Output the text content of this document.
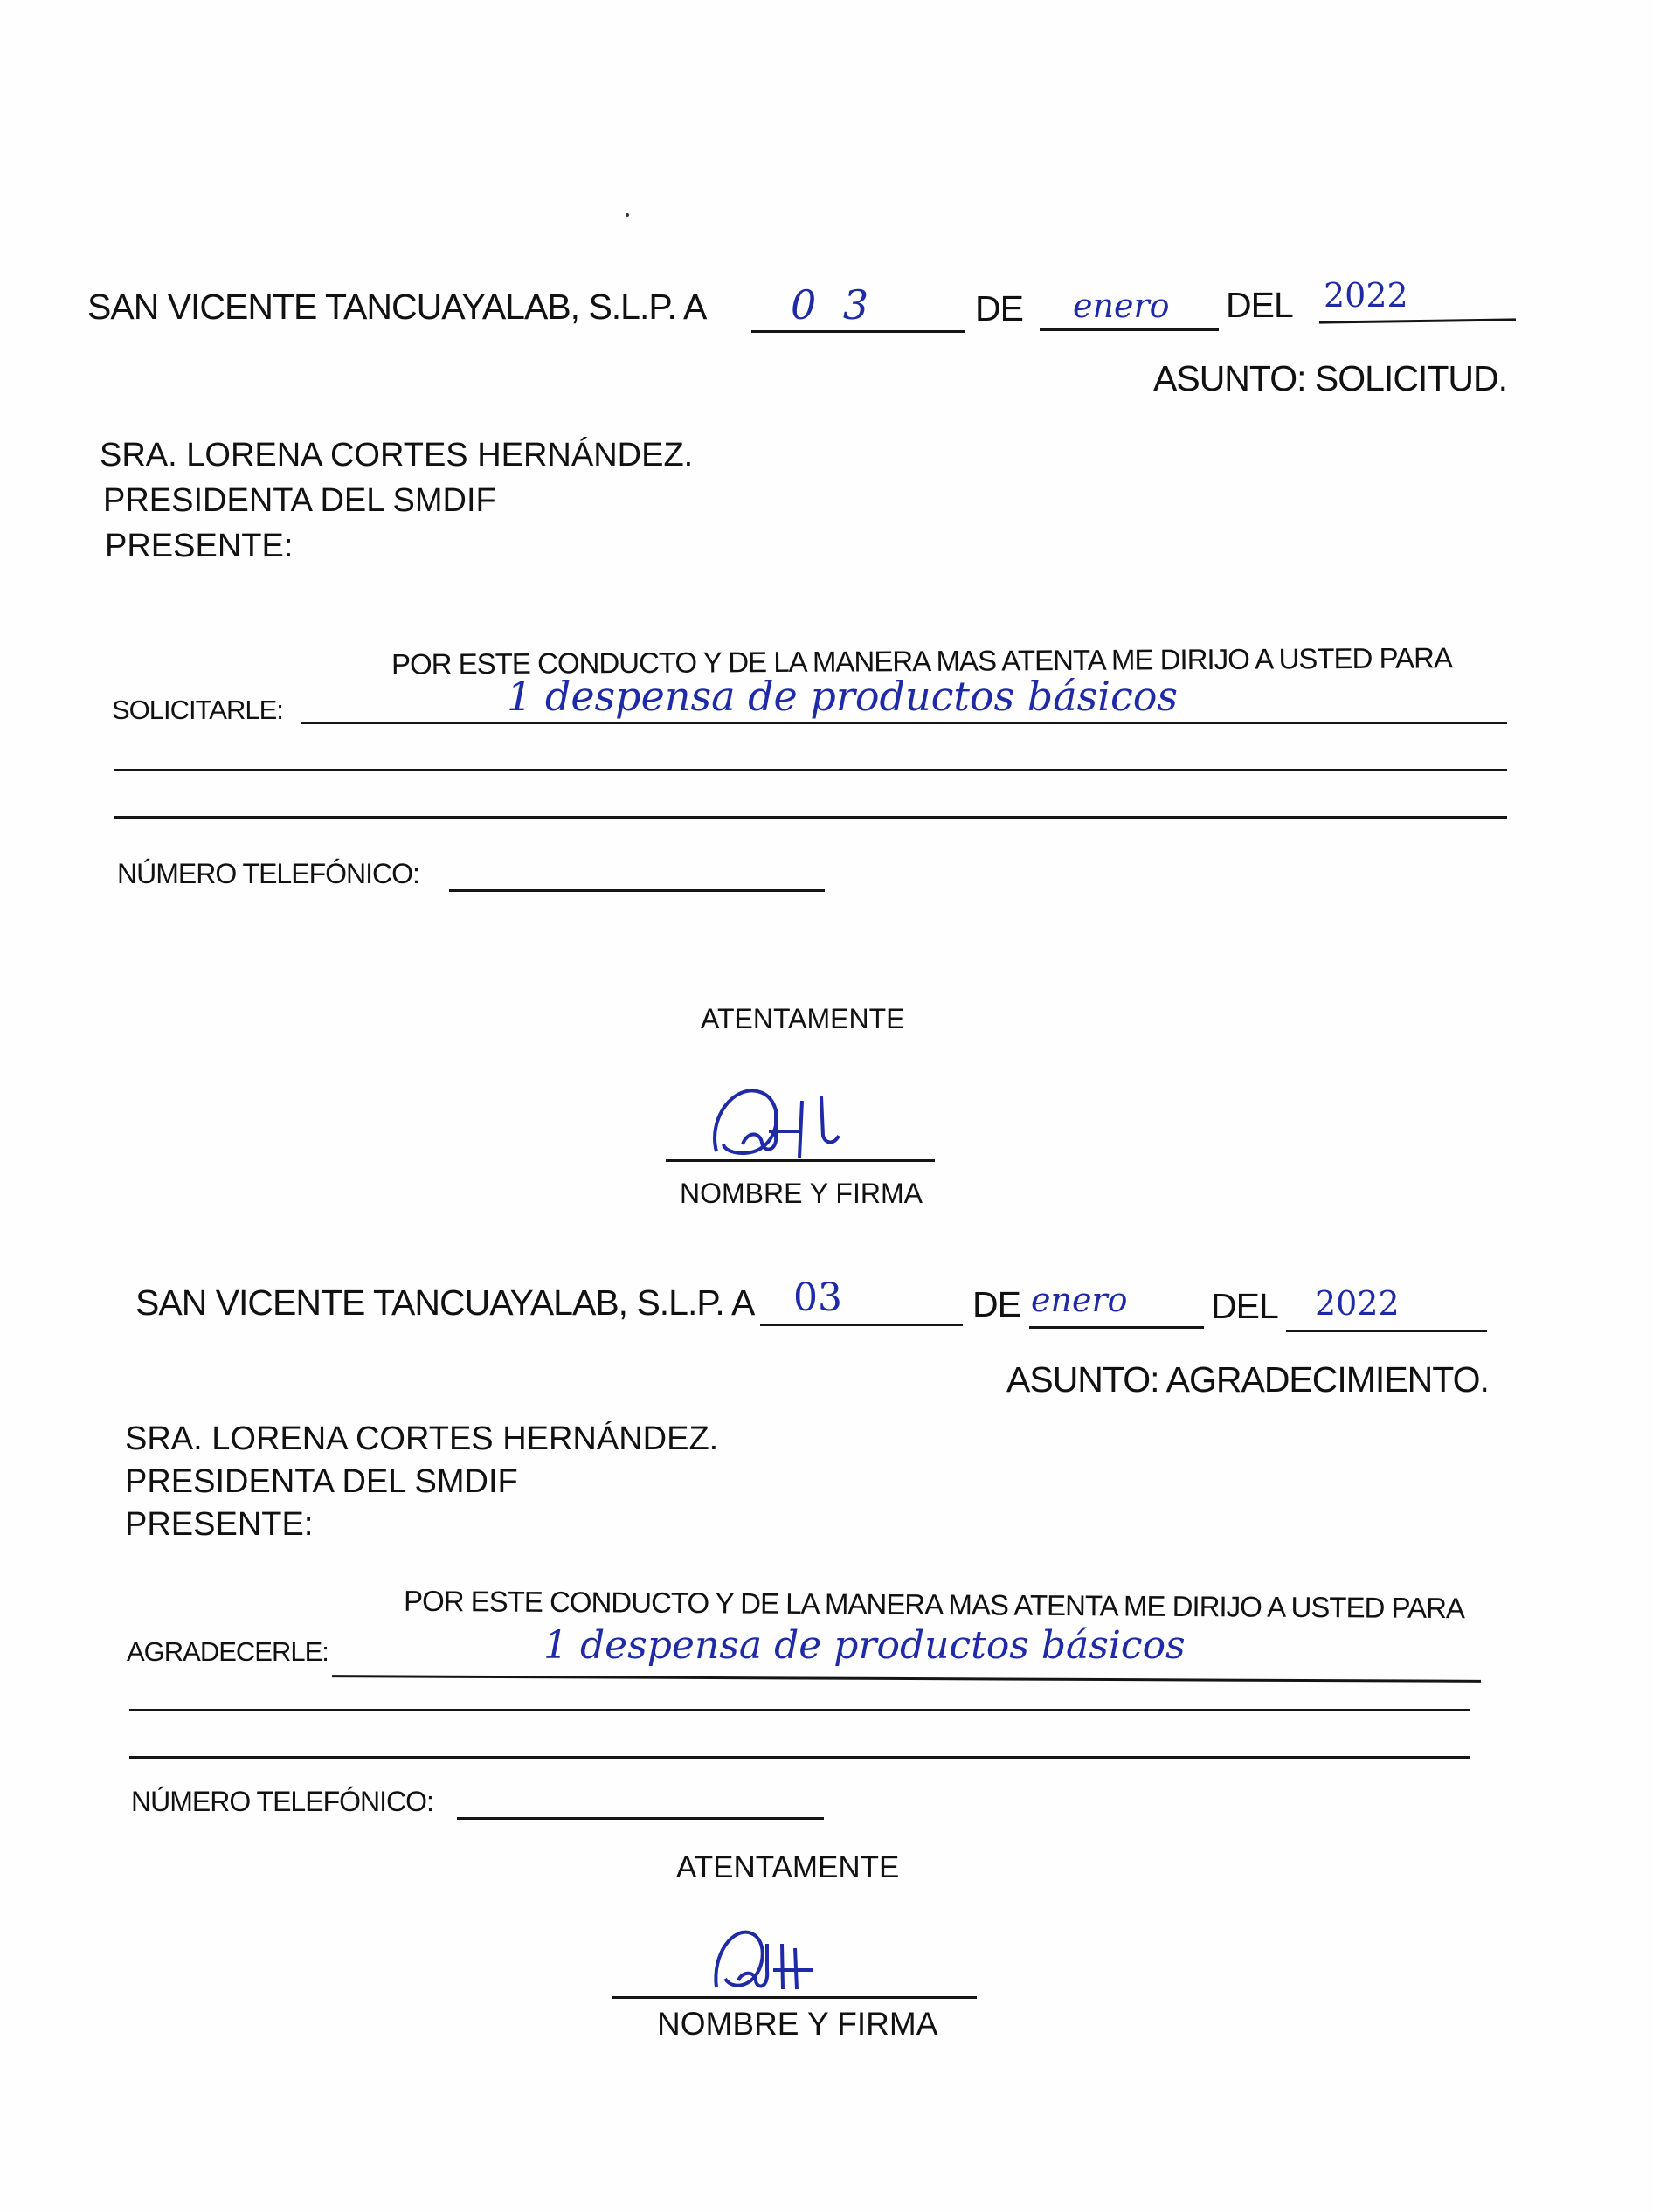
SAN VICENTE TANCUAYALAB, S.L.P. A 0 3	DE enero DEL 2022
ASUNTO: SOLICITUD.
SRA. LORENA CORTES HERNÁNDEZ.
PRESIDENTA DEL SMDIF
PRESENTE:
POR ESTE CONDUCTO Y DE LA MANERA MAS ATENTA ME DIRIJO A USTED PARA
SOLICITARLE:	1 despensa de productos básicos
NÚMERO TELEFÓNICO:
ATENTAMENTE
NOMBRE Y FIRMA
SAN VICENTE TANCUAYALAB, S.L.P. A 03	DE enero DEL 2022
ASUNTO: AGRADECIMIENTO.
SRA. LORENA CORTES HERNÁNDEZ.
PRESIDENTA DEL SMDIF
PRESENTE:
POR ESTE CONDUCTO Y DE LA MANERA MAS ATENTA ME DIRIJO A USTED PARA
AGRADECERLE:	1 despensa de productos básicos
NÚMERO TELEFÓNICO:
ATENTAMENTE
NOMBRE Y FIRMA
